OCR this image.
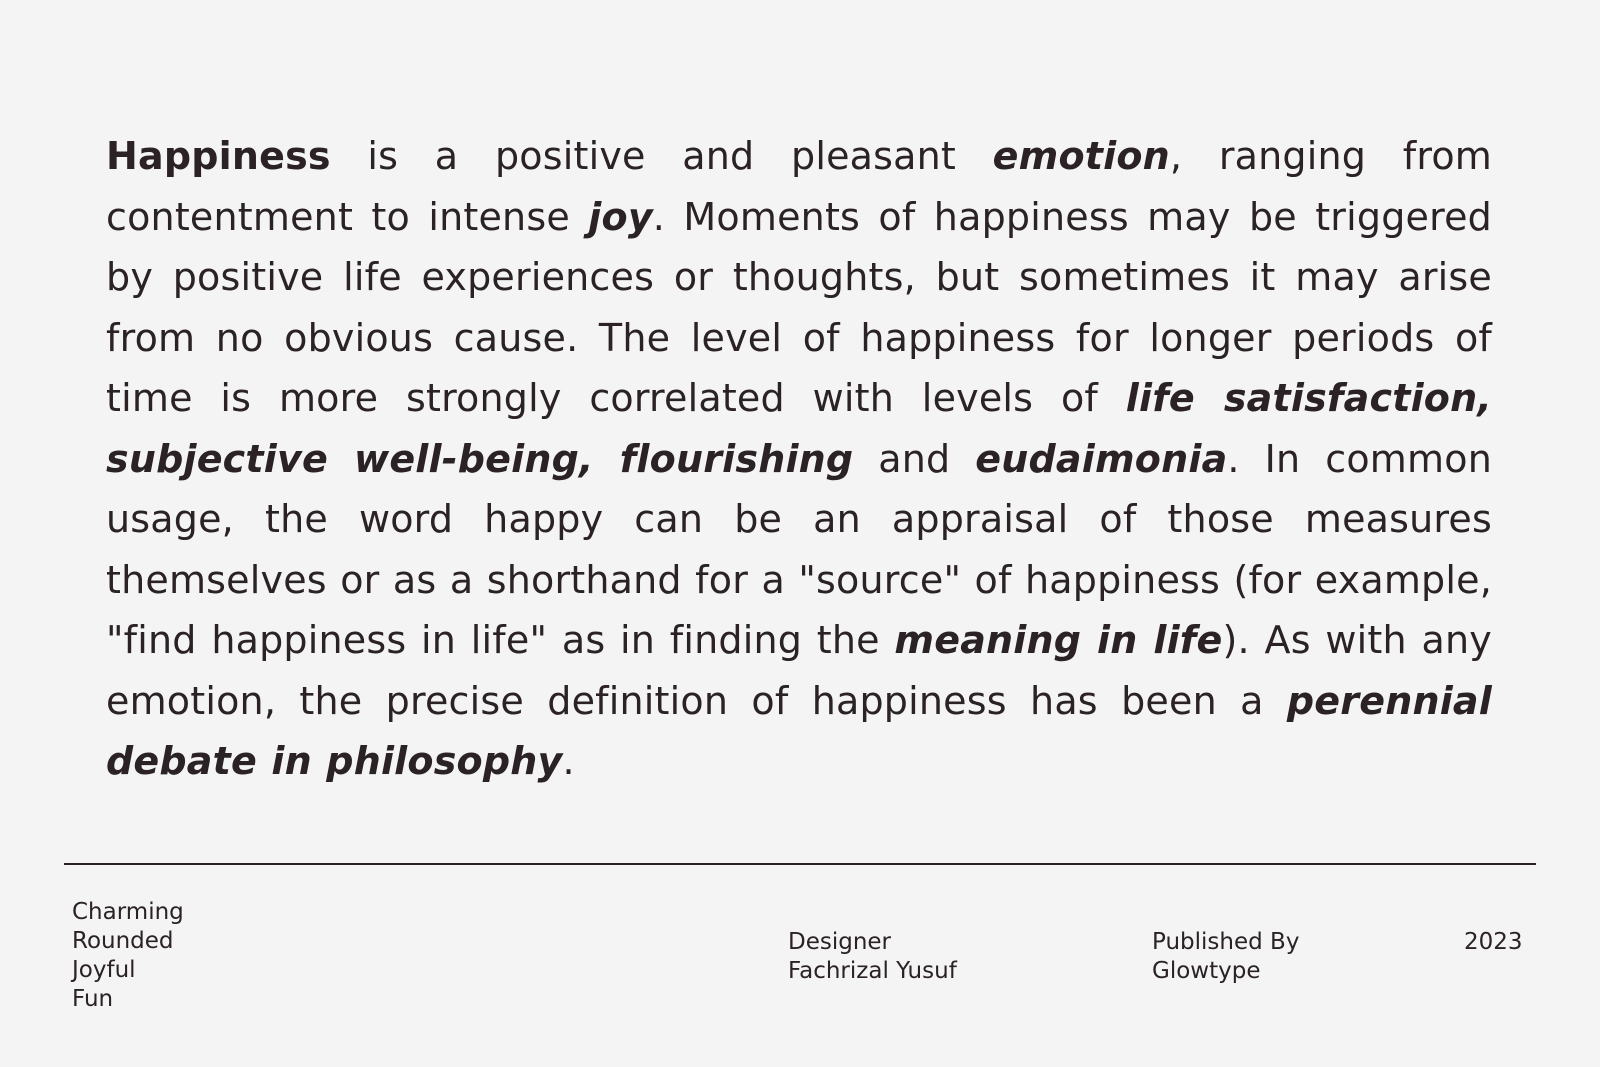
Happiness is a positive and pleasant emotion, ranging from contentment to intense joy. Moments of happiness may be triggered by positive life experiences or thoughts, but sometimes it may arise from no obvious cause. The level of happiness for longer periods of time is more strongly correlated with levels of life satisfaction, subjective well-being, flourishing and eudaimonia. In common usage, the word happy can be an appraisal of those measures themselves or as a shorthand for a "source" of happiness (for example, "find happiness in life" as in finding the meaning in life). As with any emotion, the precise definition of happiness has been a perennial debate in philosophy.

Charming
Rounded
Joyful
Fun
Designer
Fachrizal Yusuf
Published By
Glowtype
2023
